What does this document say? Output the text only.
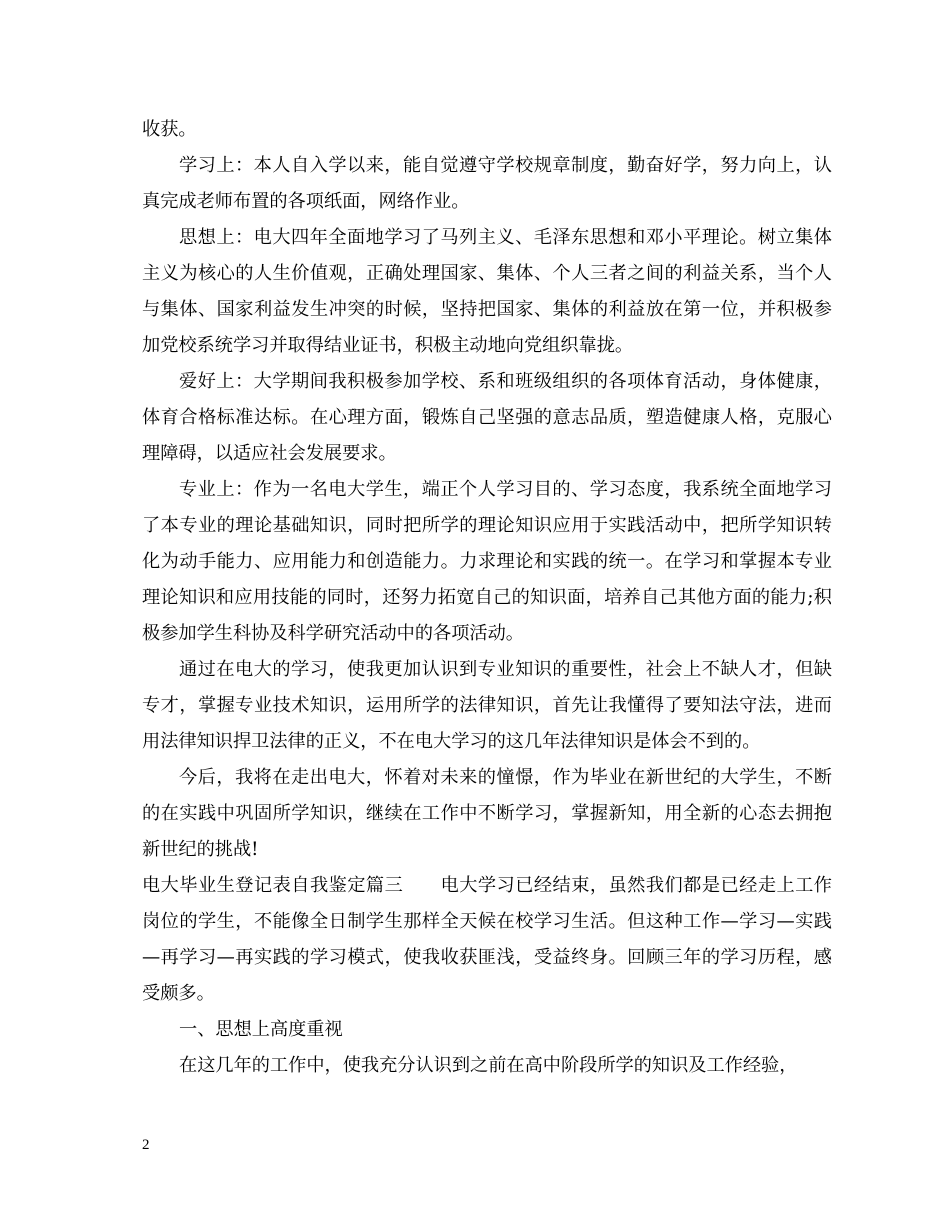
收获。

学习上：本人自入学以来，能自觉遵守学校规章制度，勤奋好学，努力向上，认真完成老师布置的各项纸面，网络作业。

思想上：电大四年全面地学习了马列主义、毛泽东思想和邓小平理论。树立集体主义为核心的人生价值观，正确处理国家、集体、个人三者之间的利益关系，当个人与集体、国家利益发生冲突的时候，坚持把国家、集体的利益放在第一位，并积极参加党校系统学习并取得结业证书，积极主动地向党组织靠拢。

爱好上：大学期间我积极参加学校、系和班级组织的各项体育活动，身体健康，体育合格标准达标。在心理方面，锻炼自己坚强的意志品质，塑造健康人格，克服心理障碍，以适应社会发展要求。

专业上：作为一名电大学生，端正个人学习目的、学习态度，我系统全面地学习了本专业的理论基础知识，同时把所学的理论知识应用于实践活动中，把所学知识转化为动手能力、应用能力和创造能力。力求理论和实践的统一。在学习和掌握本专业理论知识和应用技能的同时，还努力拓宽自己的知识面，培养自己其他方面的能力;积极参加学生科协及科学研究活动中的各项活动。

通过在电大的学习，使我更加认识到专业知识的重要性，社会上不缺人才，但缺专才，掌握专业技术知识，运用所学的法律知识，首先让我懂得了要知法守法，进而用法律知识捍卫法律的正义，不在电大学习的这几年法律知识是体会不到的。

今后，我将在走出电大，怀着对未来的憧憬，作为毕业在新世纪的大学生，不断的在实践中巩固所学知识，继续在工作中不断学习，掌握新知，用全新的心态去拥抱新世纪的挑战!

电大毕业生登记表自我鉴定篇三　　电大学习已经结束，虽然我们都是已经走上工作岗位的学生，不能像全日制学生那样全天候在校学习生活。但这种工作—学习—实践—再学习—再实践的学习模式，使我收获匪浅，受益终身。回顾三年的学习历程，感受颇多。

一、思想上高度重视

在这几年的工作中，使我充分认识到之前在高中阶段所学的知识及工作经验，

2
